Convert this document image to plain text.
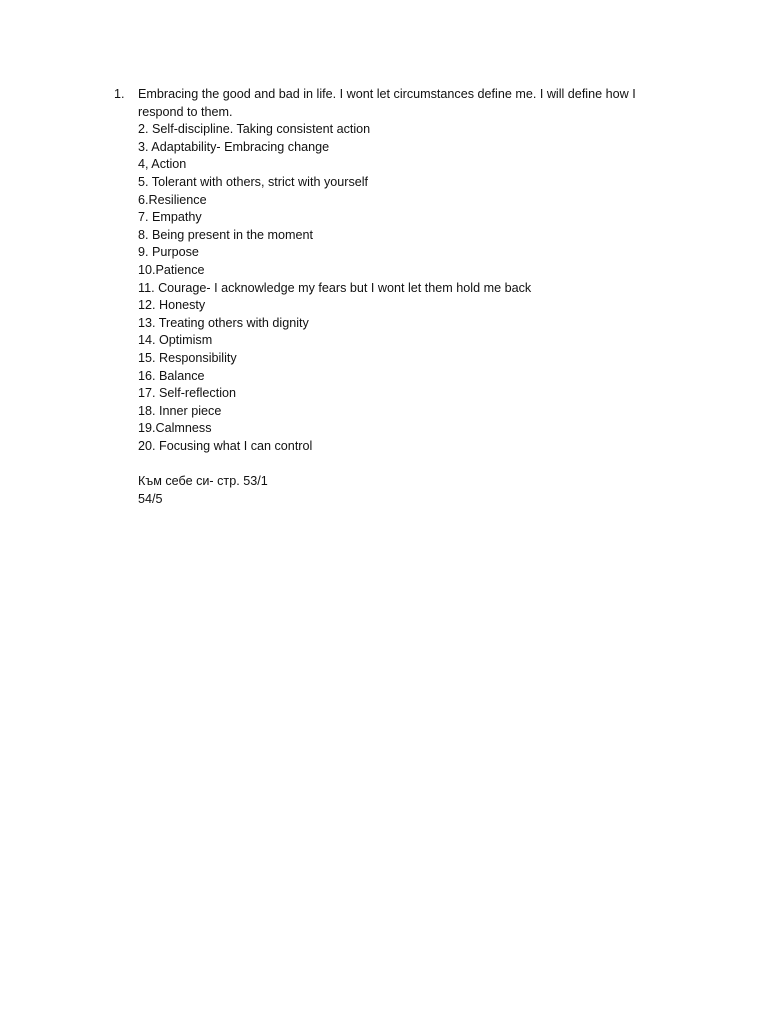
1. Embracing the good and bad in life. I wont let circumstances define me. I will define how I respond to them.
2. Self-discipline. Taking consistent action
3. Adaptability- Embracing change
4, Action
5. Tolerant with others, strict with yourself
6.Resilience
7. Empathy
8. Being present in the moment
9. Purpose
10.Patience
11. Courage- I acknowledge my fears but I wont let them hold me back
12. Honesty
13. Treating others with dignity
14. Optimism
15. Responsibility
16. Balance
17. Self-reflection
18. Inner piece
19.Calmness
20. Focusing what I can control
Към себе си- стр. 53/1
54/5
